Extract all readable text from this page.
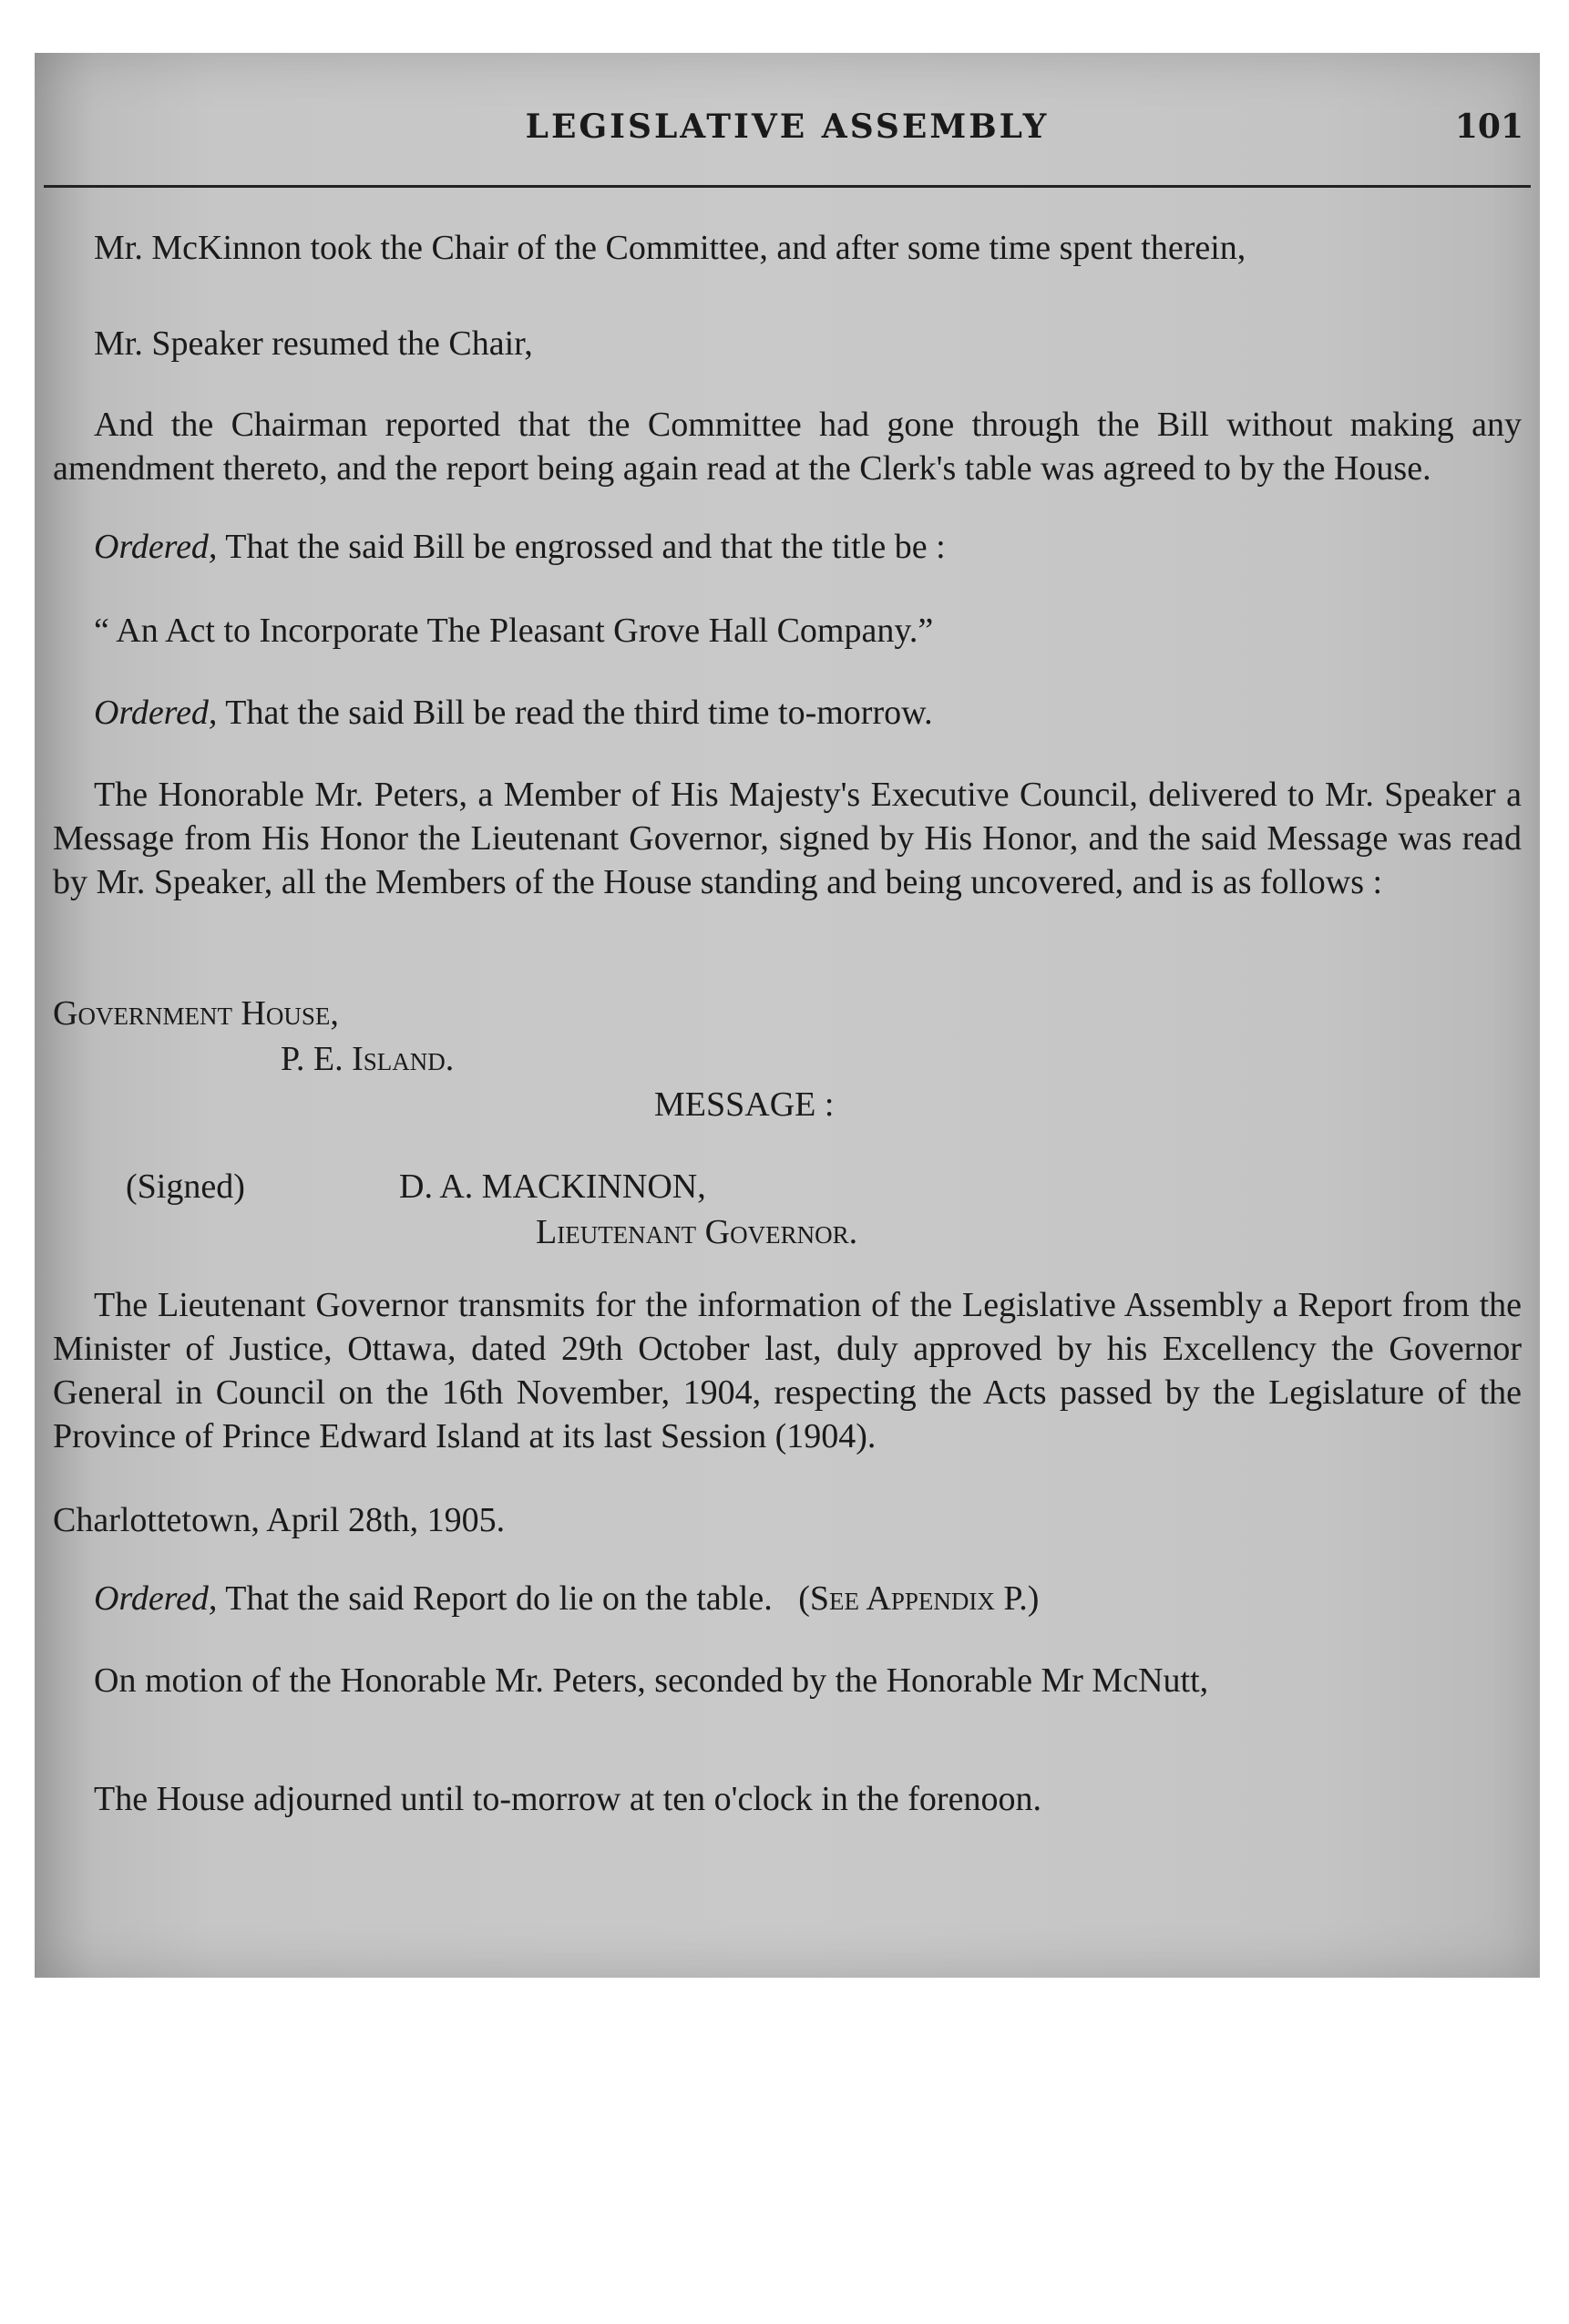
LEGISLATIVE ASSEMBLY	101
Mr. McKinnon took the Chair of the Committee, and after some time spent therein,
Mr. Speaker resumed the Chair,
And the Chairman reported that the Committee had gone through the Bill without making any amendment thereto, and the report being again read at the Clerk's table was agreed to by the House.
Ordered, That the said Bill be engrossed and that the title be :
“ An Act to Incorporate The Pleasant Grove Hall Company.”
Ordered, That the said Bill be read the third time to-morrow.
The Honorable Mr. Peters, a Member of His Majesty's Executive Council, delivered to Mr. Speaker a Message from His Honor the Lieutenant Governor, signed by His Honor, and the said Message was read by Mr. Speaker, all the Members of the House standing and being uncovered, and is as follows :
Government House,
P. E. Island.
MESSAGE :
(Signed)	D. A. MACKINNON,
Lieutenant Governor.
The Lieutenant Governor transmits for the information of the Legislative Assembly a Report from the Minister of Justice, Ottawa, dated 29th October last, duly approved by his Excellency the Governor General in Council on the 16th November, 1904, respecting the Acts passed by the Legislature of the Province of Prince Edward Island at its last Session (1904).
Charlottetown, April 28th, 1905.
Ordered, That the said Report do lie on the table. (See Appendix P.)
On motion of the Honorable Mr. Peters, seconded by the Honorable Mr McNutt,
The House adjourned until to-morrow at ten o'clock in the forenoon.
